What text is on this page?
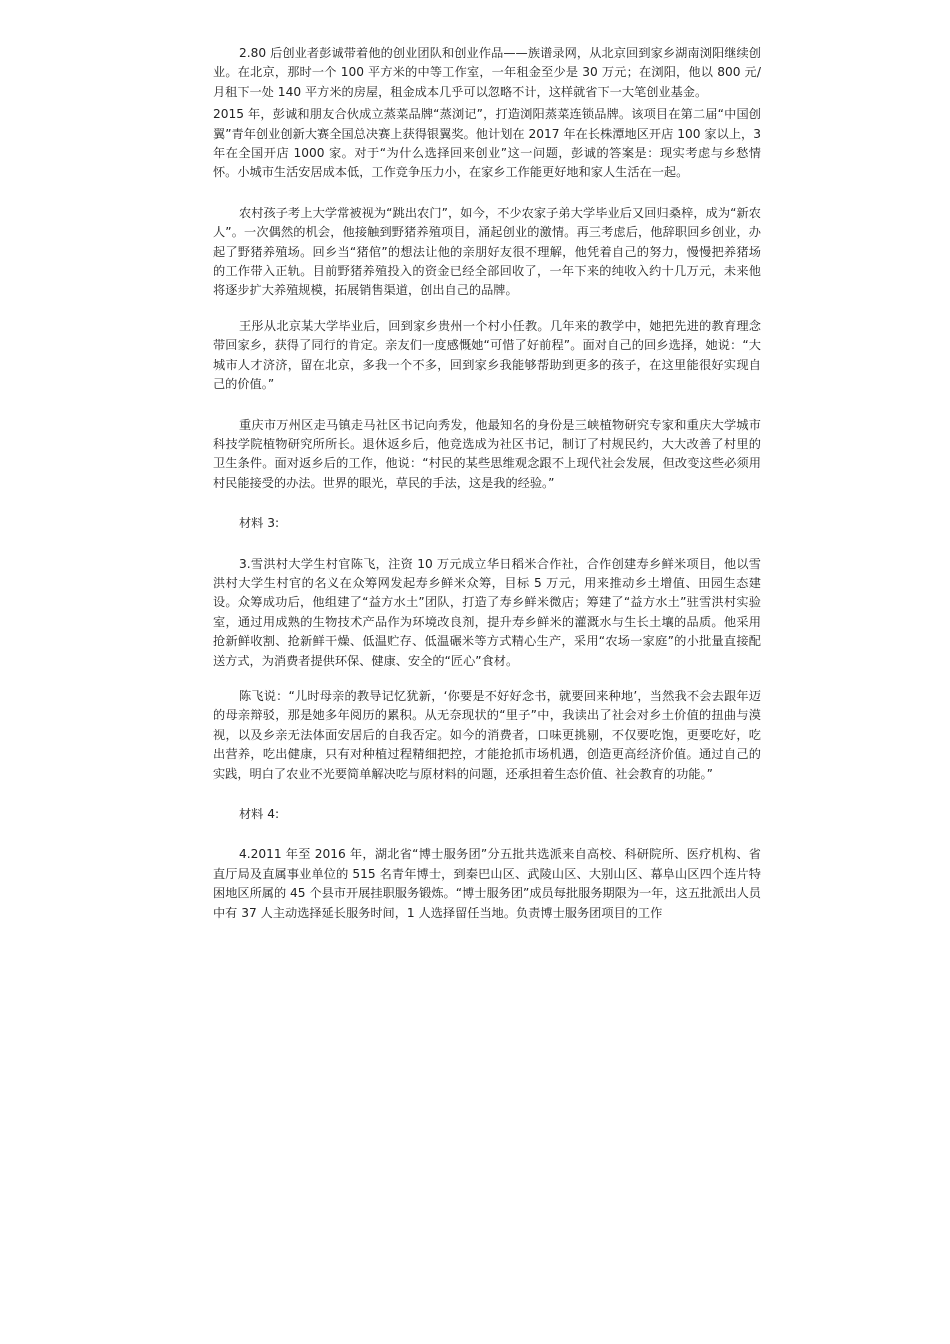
2.80 后创业者彭诚带着他的创业团队和创业作品——族谱录网，从北京回到家乡湖南浏阳继续创业。在北京，那时一个 100 平方米的中等工作室，一年租金至少是 30 万元；在浏阳，他以 800 元/月租下一处 140 平方米的房屋，租金成本几乎可以忽略不计，这样就省下一大笔创业基金。

2015 年，彭诚和朋友合伙成立蒸菜品牌“蒸浏记”，打造浏阳蒸菜连锁品牌。该项目在第二届“中国创翼”青年创业创新大赛全国总决赛上获得银翼奖。他计划在 2017 年在长株潭地区开店 100 家以上，3 年在全国开店 1000 家。对于“为什么选择回来创业”这一问题，彭诚的答案是：现实考虑与乡愁情怀。小城市生活安居成本低，工作竞争压力小，在家乡工作能更好地和家人生活在一起。

农村孩子考上大学常被视为“跳出农门”，如今，不少农家子弟大学毕业后又回归桑梓，成为“新农人”。一次偶然的机会，他接触到野猪养殖项目，涌起创业的激情。再三考虑后，他辞职回乡创业，办起了野猪养殖场。回乡当“猪倌”的想法让他的亲朋好友很不理解，他凭着自己的努力，慢慢把养猪场的工作带入正轨。目前野猪养殖投入的资金已经全部回收了，一年下来的纯收入约十几万元，未来他将逐步扩大养殖规模，拓展销售渠道，创出自己的品牌。

王彤从北京某大学毕业后，回到家乡贵州一个村小任教。几年来的教学中，她把先进的教育理念带回家乡，获得了同行的肯定。亲友们一度感慨她“可惜了好前程”。面对自己的回乡选择，她说：“大城市人才济济，留在北京，多我一个不多，回到家乡我能够帮助到更多的孩子，在这里能很好实现自己的价值。”

重庆市万州区走马镇走马社区书记向秀发，他最知名的身份是三峡植物研究专家和重庆大学城市科技学院植物研究所所长。退休返乡后，他竞选成为社区书记，制订了村规民约，大大改善了村里的卫生条件。面对返乡后的工作，他说：“村民的某些思维观念跟不上现代社会发展，但改变这些必须用村民能接受的办法。世界的眼光，草民的手法，这是我的经验。”

材料 3:

3.雪洪村大学生村官陈飞，注资 10 万元成立华日稻米合作社，合作创建寿乡鲜米项目，他以雪洪村大学生村官的名义在众筹网发起寿乡鲜米众筹，目标 5 万元，用来推动乡土增值、田园生态建设。众筹成功后，他组建了“益方水土”团队，打造了寿乡鲜米微店；筹建了“益方水土”驻雪洪村实验室，通过用成熟的生物技术产品作为环境改良剂，提升寿乡鲜米的灌溉水与生长土壤的品质。他采用抢新鲜收割、抢新鲜干燥、低温贮存、低温碾米等方式精心生产，采用“农场一家庭”的小批量直接配送方式，为消费者提供环保、健康、安全的“匠心”食材。

陈飞说：“儿时母亲的教导记忆犹新，‘你要是不好好念书，就要回来种地’，当然我不会去跟年迈的母亲辩驳，那是她多年阅历的累积。从无奈现状的“里子”中，我读出了社会对乡土价值的扭曲与漠视，以及乡亲无法体面安居后的自我否定。如今的消费者，口味更挑剔，不仅要吃饱，更要吃好，吃出营养，吃出健康，只有对种植过程精细把控，才能抢抓市场机遇，创造更高经济价值。通过自己的实践，明白了农业不光要简单解决吃与原材料的问题，还承担着生态价值、社会教育的功能。”

材料 4:

4.2011 年至 2016 年，湖北省“博士服务团”分五批共选派来自高校、科研院所、医疗机构、省直厅局及直属事业单位的 515 名青年博士，到秦巴山区、武陵山区、大别山区、幕阜山区四个连片特困地区所属的 45 个县市开展挂职服务锻炼。“博士服务团”成员每批服务期限为一年，这五批派出人员中有 37 人主动选择延长服务时间，1 人选择留任当地。负责博士服务团项目的工作
